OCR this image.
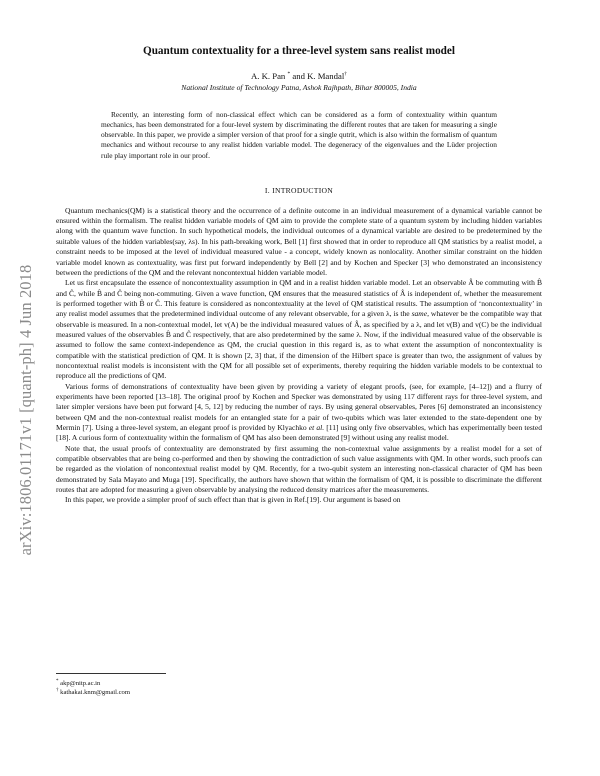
arXiv:1806.01171v1 [quant-ph] 4 Jun 2018
Quantum contextuality for a three-level system sans realist model
A. K. Pan * and K. Mandal†
National Institute of Technology Patna, Ashok Rajhpath, Bihar 800005, India
Recently, an interesting form of non-classical effect which can be considered as a form of contextuality within quantum mechanics, has been demonstrated for a four-level system by discriminating the different routes that are taken for measuring a single observable. In this paper, we provide a simpler version of that proof for a single qutrit, which is also within the formalism of quantum mechanics and without recourse to any realist hidden variable model. The degeneracy of the eigenvalues and the Lüder projection rule play important role in our proof.
I. INTRODUCTION

Quantum mechanics(QM) is a statistical theory and the occurrence of a definite outcome in an individual measurement of a dynamical variable cannot be ensured within the formalism. The realist hidden variable models of QM aim to provide the complete state of a quantum system by including hidden variables along with the quantum wave function. In such hypothetical models, the individual outcomes of a dynamical variable are desired to be predetermined by the suitable values of the hidden variables(say, λs). In his path-breaking work, Bell [1] first showed that in order to reproduce all QM statistics by a realist model, a constraint needs to be imposed at the level of individual measured value - a concept, widely known as nonlocality. Another similar constraint on the hidden variable model known as contextuality, was first put forward independently by Bell [2] and by Kochen and Specker [3] who demonstrated an inconsistency between the predictions of the QM and the relevant noncontextual hidden variable model.

Let us first encapsulate the essence of noncontextuality assumption in QM and in a realist hidden variable model. Let an observable Â be commuting with B̂ and Ĉ, while B̂ and Ĉ being non-commuting. Given a wave function, QM ensures that the measured statistics of Â is independent of, whether the measurement is performed together with B̂ or Ĉ. This feature is considered as noncontextuality at the level of QM statistical results. The assumption of ‘noncontextuality’ in any realist model assumes that the predetermined individual outcome of any relevant observable, for a given λ, is the same, whatever be the compatible way that observable is measured. In a non-contextual model, let v(A) be the individual measured values of Â, as specified by a λ, and let v(B) and v(C) be the individual measured values of the observables B̂ and Ĉ respectively, that are also predetermined by the same λ. Now, if the individual measured value of the observable is assumed to follow the same context-independence as QM, the crucial question in this regard is, as to what extent the assumption of noncontextuality is compatible with the statistical prediction of QM. It is shown [2, 3] that, if the dimension of the Hilbert space is greater than two, the assignment of values by noncontextual realist models is inconsistent with the QM for all possible set of experiments, thereby requiring the hidden variable models to be contextual to reproduce all the predictions of QM.

Various forms of demonstrations of contextuality have been given by providing a variety of elegant proofs, (see, for example, [4–12]) and a flurry of experiments have been reported [13–18]. The original proof by Kochen and Specker was demonstrated by using 117 different rays for three-level system, and later simpler versions have been put forward [4, 5, 12] by reducing the number of rays. By using general observables, Peres [6] demonstrated an inconsistency between QM and the non-contextual realist models for an entangled state for a pair of two-qubits which was later extended to the state-dependent one by Mermin [7]. Using a three-level system, an elegant proof is provided by Klyachko et al. [11] using only five observables, which has experimentally been tested [18]. A curious form of contextuality within the formalism of QM has also been demonstrated [9] without using any realist model.

Note that, the usual proofs of contextuality are demonstrated by first assuming the non-contextual value assignments by a realist model for a set of compatible observables that are being co-performed and then by showing the contradiction of such value assignments with QM. In other words, such proofs can be regarded as the violation of noncontextual realist model by QM. Recently, for a two-qubit system an interesting non-classical character of QM has been demonstrated by Sala Mayato and Muga [19]. Specifically, the authors have shown that within the formalism of QM, it is possible to discriminate the different routes that are adopted for measuring a given observable by analysing the reduced density matrices after the measurements.

In this paper, we provide a simpler proof of such effect than that is given in Ref.[19]. Our argument is based on

* akp@nitp.ac.in
† kathakai.knm@gmail.com
